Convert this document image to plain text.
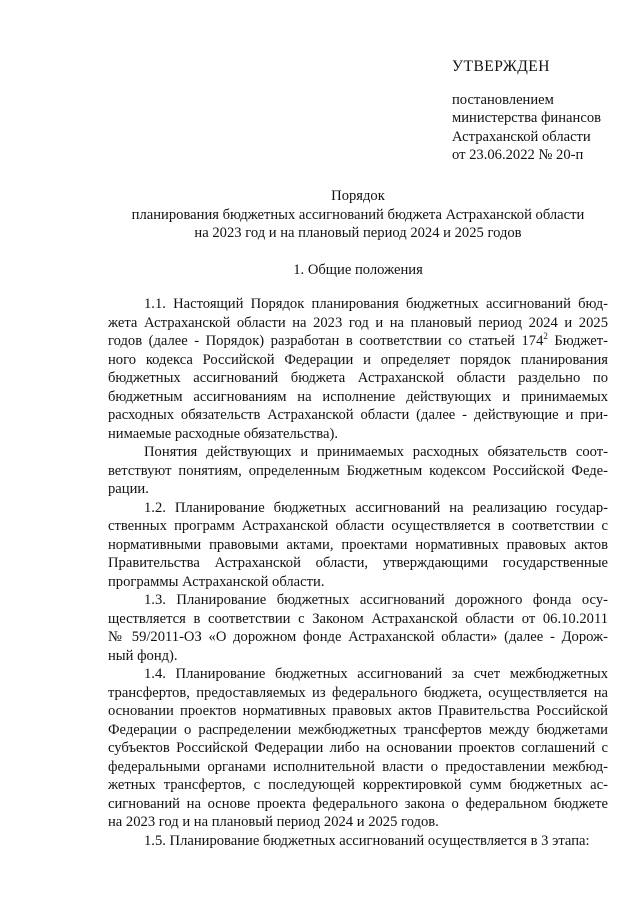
УТВЕРЖДЕН
постановлением
министерства финансов
Астраханской области
от 23.06.2022 № 20-п
Порядок
планирования бюджетных ассигнований бюджета Астраханской области
на 2023 год и на плановый период 2024 и 2025 годов
1. Общие положения
1.1. Настоящий Порядок планирования бюджетных ассигнований бюд-
жета Астраханской области на 2023 год и на плановый период 2024 и 2025
годов (далее - Порядок) разработан в соответствии со статьей $174^2$ Бюджет-
ного кодекса Российской Федерации и определяет порядок планирования
бюджетных ассигнований бюджета Астраханской области раздельно по
бюджетным ассигнованиям на исполнение действующих и принимаемых
расходных обязательств Астраханской области (далее - действующие и при-
нимаемые расходные обязательства).
Понятия действующих и принимаемых расходных обязательств соот-
ветствуют понятиям, определенным Бюджетным кодексом Российской Феде-
рации.
1.2. Планирование бюджетных ассигнований на реализацию государ-
ственных программ Астраханской области осуществляется в соответствии с
нормативными правовыми актами, проектами нормативных правовых актов
Правительства Астраханской области, утверждающими государственные
программы Астраханской области.
1.3. Планирование бюджетных ассигнований дорожного фонда осу-
ществляется в соответствии с Законом Астраханской области от 06.10.2011
№ 59/2011-ОЗ «О дорожном фонде Астраханской области» (далее - Дорож-
ный фонд).
1.4. Планирование бюджетных ассигнований за счет межбюджетных
трансфертов, предоставляемых из федерального бюджета, осуществляется на
основании проектов нормативных правовых актов Правительства Российской
Федерации о распределении межбюджетных трансфертов между бюджетами
субъектов Российской Федерации либо на основании проектов соглашений с
федеральными органами исполнительной власти о предоставлении межбюд-
жетных трансфертов, с последующей корректировкой сумм бюджетных ас-
сигнований на основе проекта федерального закона о федеральном бюджете
на 2023 год и на плановый период 2024 и 2025 годов.
1.5. Планирование бюджетных ассигнований осуществляется в 3 этапа:
